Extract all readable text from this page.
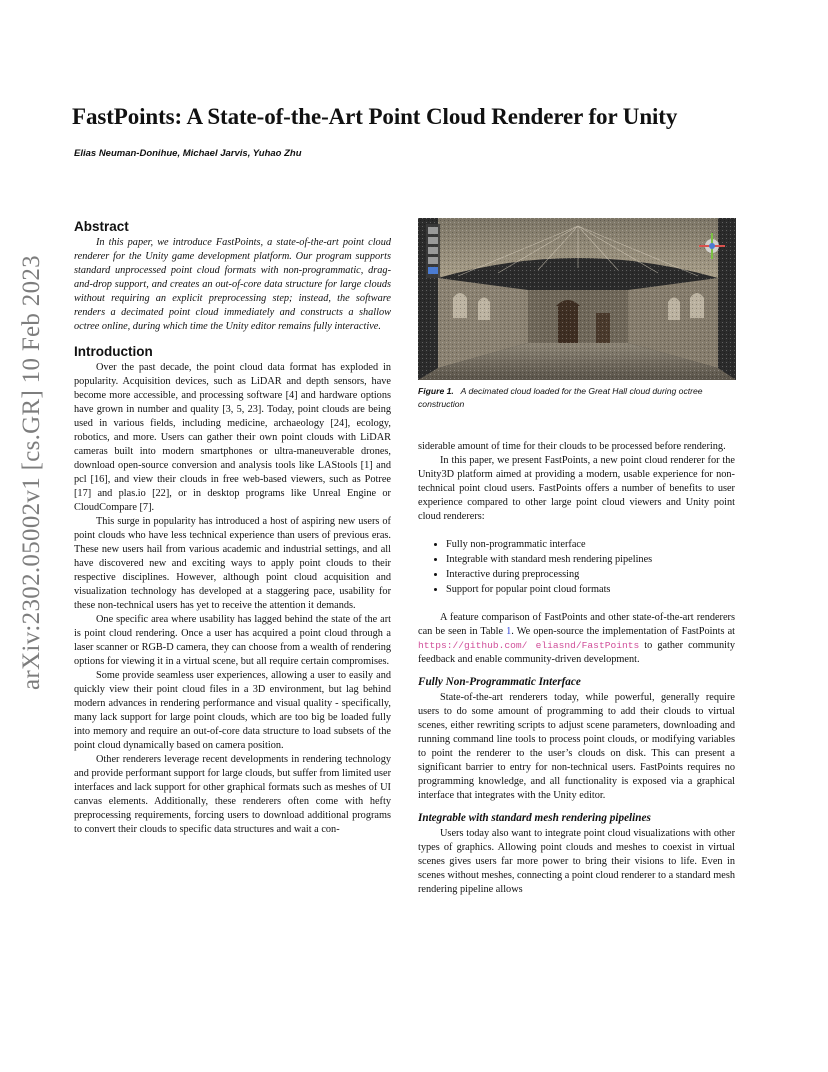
FastPoints: A State-of-the-Art Point Cloud Renderer for Unity
Elias Neuman-Donihue, Michael Jarvis, Yuhao Zhu
arXiv:2302.05002v1 [cs.GR] 10 Feb 2023
Abstract

In this paper, we introduce FastPoints, a state-of-the-art point cloud renderer for the Unity game development platform. Our program supports standard unprocessed point cloud formats with non-programmatic, drag-and-drop support, and creates an out-of-core data structure for large clouds without requiring an explicit preprocessing step; instead, the software renders a decimated point cloud immediately and constructs a shallow octree online, during which time the Unity editor remains fully interactive.

Introduction

Over the past decade, the point cloud data format has exploded in popularity. Acquisition devices, such as LiDAR and depth sensors, have become more accessible, and processing software [4] and hardware options have grown in number and quality [3, 5, 23]. Today, point clouds are being used in various fields, including medicine, archaeology [24], ecology, robotics, and more. Users can gather their own point clouds with LiDAR cameras built into modern smartphones or ultra-maneuverable drones, download open-source conversion and analysis tools like LAStools [1] and pcl [16], and view their clouds in free web-based viewers, such as Potree [17] and plas.io [22], or in desktop programs like Unreal Engine or CloudCompare [7].

This surge in popularity has introduced a host of aspiring new users of point clouds who have less technical experience than users of previous eras. These new users hail from various academic and industrial settings, and all have discovered new and exciting ways to apply point clouds to their respective disciplines. However, although point cloud acquisition and visualization technology has developed at a staggering pace, usability for these non-technical users has yet to receive the attention it demands.

One specific area where usability has lagged behind the state of the art is point cloud rendering. Once a user has acquired a point cloud through a laser scanner or RGB-D camera, they can choose from a wealth of rendering options for viewing it in a virtual scene, but all require certain compromises.

Some provide seamless user experiences, allowing a user to easily and quickly view their point cloud files in a 3D environment, but lag behind modern advances in rendering performance and visual quality - specifically, many lack support for large point clouds, which are too big be loaded fully into memory and require an out-of-core data structure to load subsets of the point cloud dynamically based on camera position.

Other renderers leverage recent developments in rendering technology and provide performant support for large clouds, but suffer from limited user interfaces and lack support for other graphical formats such as meshes of UI canvas elements. Additionally, these renderers often come with hefty preprocessing requirements, forcing users to download additional programs to convert their clouds to specific data structures and wait a con-

Figure 1. A decimated cloud loaded for the Great Hall cloud during octree construction

siderable amount of time for their clouds to be processed before rendering.

In this paper, we present FastPoints, a new point cloud renderer for the Unity3D platform aimed at providing a modern, usable experience for non-technical point cloud users. FastPoints offers a number of benefits to user experience compared to other large point cloud viewers and Unity point cloud renderers:

• Fully non-programmatic interface
• Integrable with standard mesh rendering pipelines
• Interactive during preprocessing
• Support for popular point cloud formats

A feature comparison of FastPoints and other state-of-the-art renderers can be seen in Table 1. We open-source the implementation of FastPoints at https://github.com/ eliasnd/FastPoints to gather community feedback and enable community-driven development.

Fully Non-Programmatic Interface

State-of-the-art renderers today, while powerful, generally require users to do some amount of programming to add their clouds to virtual scenes, either rewriting scripts to adjust scene parameters, downloading and running command line tools to process point clouds, or modifying variables to point the renderer to the user’s clouds on disk. This can present a significant barrier to entry for non-technical users. FastPoints requires no programming knowledge, and all functionality is exposed via a graphical interface that integrates with the Unity editor.

Integrable with standard mesh rendering pipelines

Users today also want to integrate point cloud visualizations with other types of graphics. Allowing point clouds and meshes to coexist in virtual scenes gives users far more power to bring their visions to life. Even in scenes without meshes, connecting a point cloud renderer to a standard mesh rendering pipeline allows
